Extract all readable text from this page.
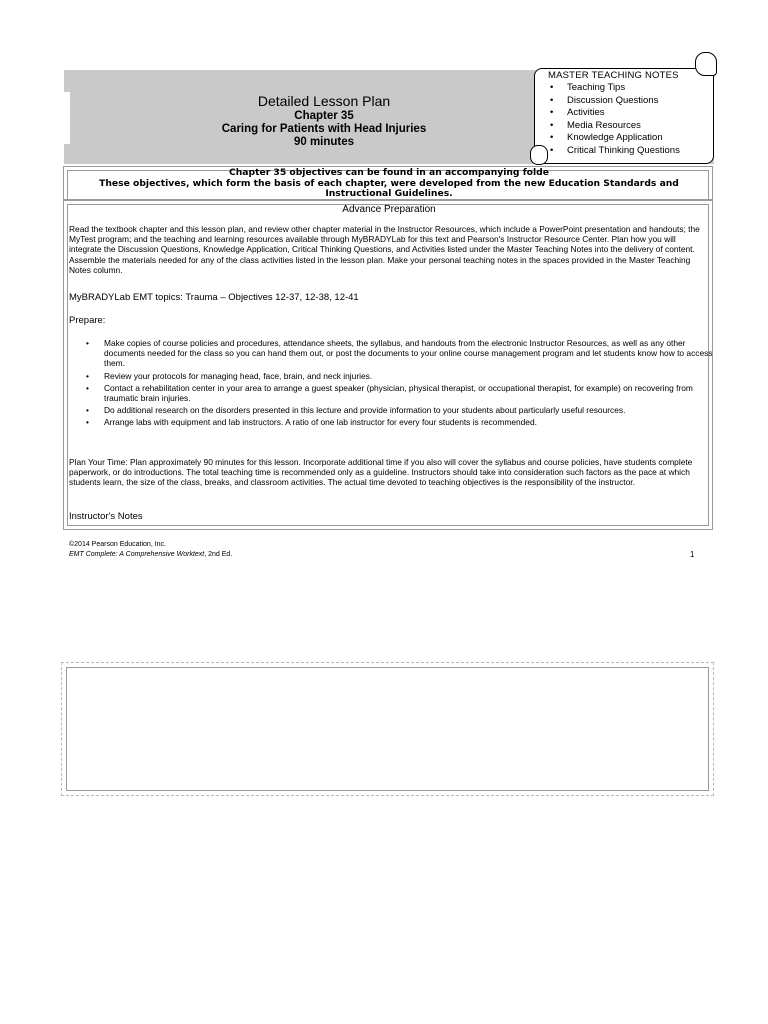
Detailed Lesson Plan
Chapter 35
Caring for Patients with Head Injuries
90 minutes
MASTER TEACHING NOTES
• Teaching Tips
• Discussion Questions
• Activities
• Media Resources
• Knowledge Application
• Critical Thinking Questions
Chapter 35 objectives can be found in an accompanying folde
These objectives, which form the basis of each chapter, were developed from the new Education Standards and Instructional Guidelines.
Advance Preparation
Read the textbook chapter and this lesson plan, and review other chapter material in the Instructor Resources, which include a PowerPoint presentation and handouts; the MyTest program; and the teaching and learning resources available through MyBRADYLab for this text and Pearson's Instructor Resource Center. Plan how you will integrate the Discussion Questions, Knowledge Application, Critical Thinking Questions, and Activities listed under the Master Teaching Notes into the delivery of content. Assemble the materials needed for any of the class activities listed in the lesson plan. Make your personal teaching notes in the spaces provided in the Master Teaching Notes column.
MyBRADYLab EMT topics: Trauma – Objectives 12-37, 12-38, 12-41
Prepare:
• Make copies of course policies and procedures, attendance sheets, the syllabus, and handouts from the electronic Instructor Resources, as well as any other documents needed for the class so you can hand them out, or post the documents to your online course management program and let students know how to access them.
• Review your protocols for managing head, face, brain, and neck injuries.
• Contact a rehabilitation center in your area to arrange a guest speaker (physician, physical therapist, or occupational therapist, for example) on recovering from traumatic brain injuries.
• Do additional research on the disorders presented in this lecture and provide information to your students about particularly useful resources.
• Arrange labs with equipment and lab instructors. A ratio of one lab instructor for every four students is recommended.
Plan Your Time: Plan approximately 90 minutes for this lesson. Incorporate additional time if you also will cover the syllabus and course policies, have students complete paperwork, or do introductions. The total teaching time is recommended only as a guideline. Instructors should take into consideration such factors as the pace at which students learn, the size of the class, breaks, and classroom activities. The actual time devoted to teaching objectives is the responsibility of the instructor.
Instructor's Notes
©2014 Pearson Education, Inc.
EMT Complete: A Comprehensive Worktext, 2nd Ed.	1
